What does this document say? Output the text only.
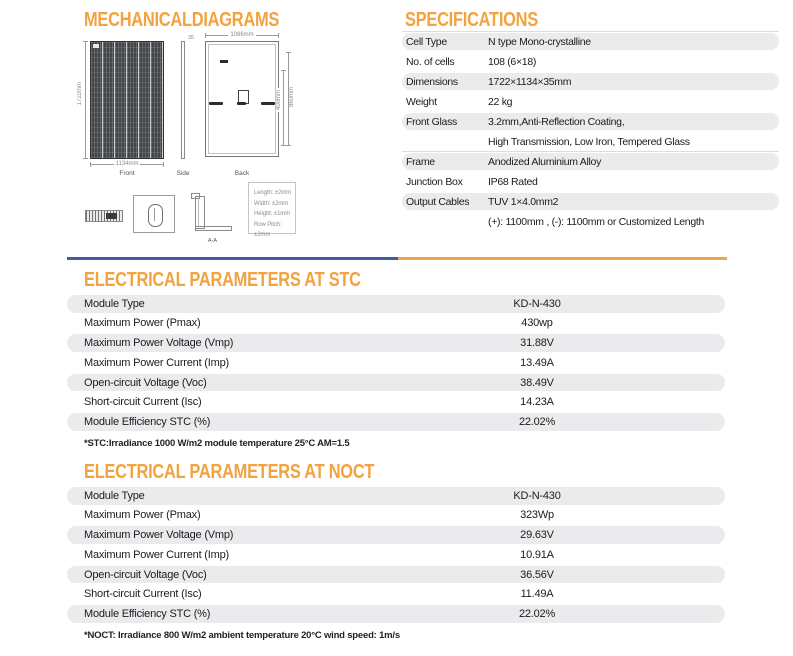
MECHANICALDIAGRAMS	SPECIFICATIONS
1722mm
1134mm
Front
35
Side
1086mm
860mm
400mm
Back
A-A
Length: ±2mm
Width: ±2mm
Height: ±1mm
Row Pitch: ±2mm
Cell Type	N type Mono-crystalline
No. of cells	108 (6×18)
Dimensions	1722×1134×35mm
Weight	22 kg
Front Glass	3.2mm,Anti-Reflection Coating,
High Transmission, Low Iron, Tempered Glass
Frame	Anodized Aluminium Alloy
Junction Box	IP68 Rated
Output Cables	TUV 1×4.0mm2
(+): 1100mm , (-): 1100mm or Customized Length
ELECTRICAL PARAMETERS AT STC
Module Type	KD-N-430
Maximum Power (Pmax)	430wp
Maximum Power Voltage (Vmp)	31.88V
Maximum Power Current (Imp)	13.49A
Open-circuit Voltage (Voc)	38.49V
Short-circuit Current (Isc)	14.23A
Module Efficiency STC (%)	22.02%
*STC:Irradiance 1000 W/m2 module temperature 25°C AM=1.5
ELECTRICAL PARAMETERS AT NOCT
Module Type	KD-N-430
Maximum Power (Pmax)	323Wp
Maximum Power Voltage (Vmp)	29.63V
Maximum Power Current (Imp)	10.91A
Open-circuit Voltage (Voc)	36.56V
Short-circuit Current (Isc)	11.49A
Module Efficiency STC (%)	22.02%
*NOCT: Irradiance 800 W/m2 ambient temperature 20°C wind speed: 1m/s
